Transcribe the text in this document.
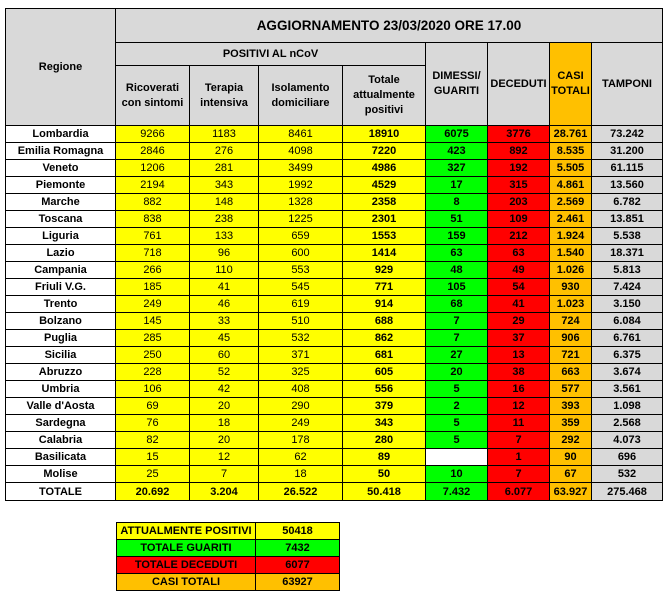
Regione	AGGIORNAMENTO 23/03/2020 ORE 17.00							
	POSITIVI AL nCoV				DIMESSI/ GUARITI	DECEDUTI	CASI TOTALI	TAMPONI
	Ricoverati con sintomi	Terapia intensiva	Isolamento domiciliare	Totale attualmente positivi				
Lombardia	9266	1183	8461	18910	6075	3776	28.761	73.242
Emilia Romagna	2846	276	4098	7220	423	892	8.535	31.200
Veneto	1206	281	3499	4986	327	192	5.505	61.115
Piemonte	2194	343	1992	4529	17	315	4.861	13.560
Marche	882	148	1328	2358	8	203	2.569	6.782
Toscana	838	238	1225	2301	51	109	2.461	13.851
Liguria	761	133	659	1553	159	212	1.924	5.538
Lazio	718	96	600	1414	63	63	1.540	18.371
Campania	266	110	553	929	48	49	1.026	5.813
Friuli V.G.	185	41	545	771	105	54	930	7.424
Trento	249	46	619	914	68	41	1.023	3.150
Bolzano	145	33	510	688	7	29	724	6.084
Puglia	285	45	532	862	7	37	906	6.761
Sicilia	250	60	371	681	27	13	721	6.375
Abruzzo	228	52	325	605	20	38	663	3.674
Umbria	106	42	408	556	5	16	577	3.561
Valle d'Aosta	69	20	290	379	2	12	393	1.098
Sardegna	76	18	249	343	5	11	359	2.568
Calabria	82	20	178	280	5	7	292	4.073
Basilicata	15	12	62	89		1	90	696
Molise	25	7	18	50	10	7	67	532
TOTALE	20.692	3.204	26.522	50.418	7.432	6.077	63.927	275.468
ATTUALMENTE POSITIVI	50418
TOTALE GUARITI	7432
TOTALE DECEDUTI	6077
CASI TOTALI	63927
